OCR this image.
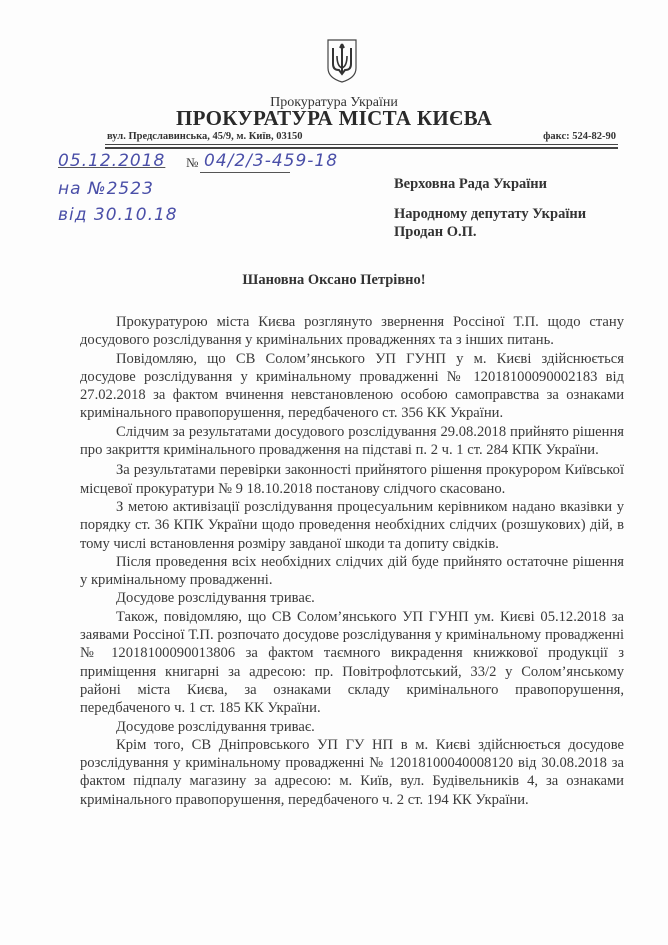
Прокуратура України
ПРОКУРАТУРА МІСТА КИЄВА
вул. Предславинська, 45/9, м. Київ, 03150	факс: 524-82-90
05.12.2018 № 04/2/3-459-18
на №2523
від 30.10.18
Верховна Рада України
Народному депутату України
Продан О.П.
Шановна Оксано Петрівно!

Прокуратурою міста Києва розглянуто звернення Россіної Т.П. щодо стану досудового розслідування у кримінальних провадженнях та з інших питань.

Повідомляю, що СВ Солом’янського УП ГУНП у м. Києві здійснюється досудове розслідування у кримінальному провадженні № 12018100090002183 від 27.02.2018 за фактом вчинення невстановленою особою самоправства за ознаками кримінального правопорушення, передбаченого ст. 356 КК України.

Слідчим за результатами досудового розслідування 29.08.2018 прийнято рішення про закриття кримінального провадження на підставі п. 2 ч. 1 ст. 284 КПК України.

За результатами перевірки законності прийнятого рішення прокурором Київської місцевої прокуратури № 9 18.10.2018 постанову слідчого скасовано.

З метою активізації розслідування процесуальним керівником надано вказівки у порядку ст. 36 КПК України щодо проведення необхідних слідчих (розшукових) дій, в тому числі встановлення розміру завданої шкоди та допиту свідків.

Після проведення всіх необхідних слідчих дій буде прийнято остаточне рішення у кримінальному провадженні.

Досудове розслідування триває.

Також, повідомляю, що СВ Солом’янського УП ГУНП ум. Києві 05.12.2018 за заявами Россіної Т.П. розпочато досудове розслідування у кримінальному провадженні № 12018100090013806 за фактом таємного викрадення книжкової продукції з приміщення книгарні за адресою: пр. Повітрофлотський, 33/2 у Солом’янському районі міста Києва, за ознаками складу кримінального правопорушення, передбаченого ч. 1 ст. 185 КК України.

Досудове розслідування триває.

Крім того, СВ Дніпровського УП ГУ НП в м. Києві здійснюється досудове розслідування у кримінальному провадженні № 12018100040008120 від 30.08.2018 за фактом підпалу магазину за адресою: м. Київ, вул. Будівельників 4, за ознаками кримінального правопорушення, передбаченого ч. 2 ст. 194 КК України.
